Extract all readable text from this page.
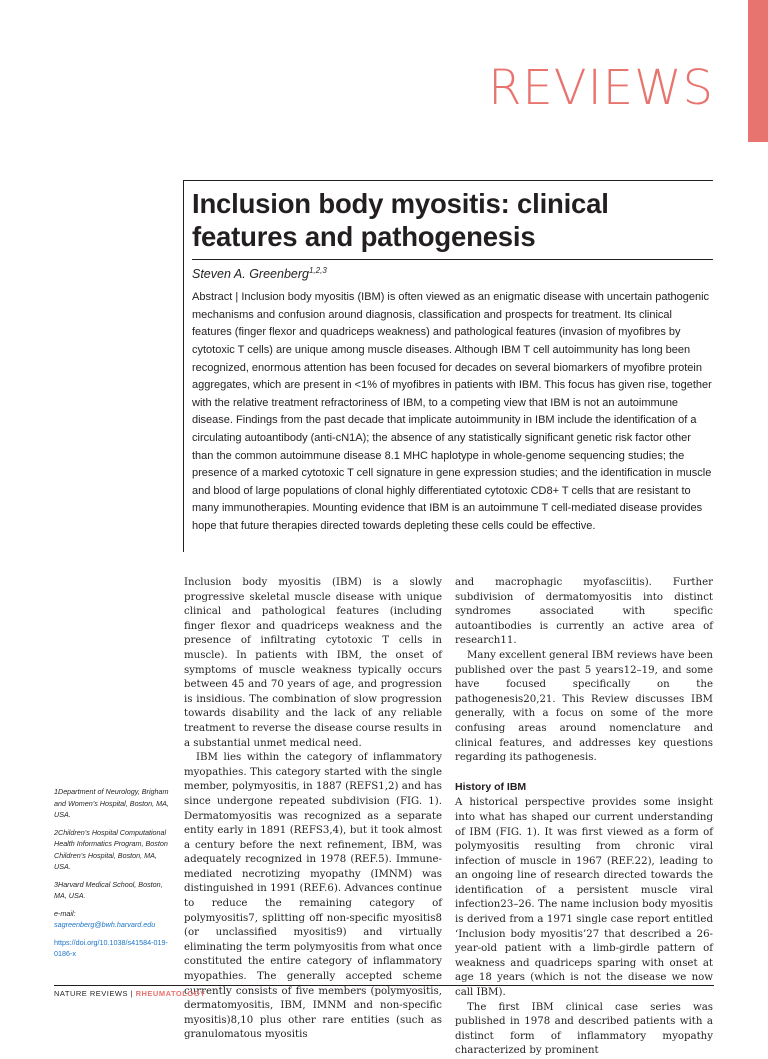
REVIEWS
Inclusion body myositis: clinical features and pathogenesis
Steven A. Greenberg$^{1,2,3}$

Abstract | Inclusion body myositis (IBM) is often viewed as an enigmatic disease with uncertain pathogenic mechanisms and confusion around diagnosis, classification and prospects for treatment. Its clinical features (finger flexor and quadriceps weakness) and pathological features (invasion of myofibres by cytotoxic T cells) are unique among muscle diseases. Although IBM T cell autoimmunity has long been recognized, enormous attention has been focused for decades on several biomarkers of myofibre protein aggregates, which are present in <1% of myofibres in patients with IBM. This focus has given rise, together with the relative treatment refractoriness of IBM, to a competing view that IBM is not an autoimmune disease. Findings from the past decade that implicate autoimmunity in IBM include the identification of a circulating autoantibody (anti-cN1A); the absence of any statistically significant genetic risk factor other than the common autoimmune disease 8.1 MHC haplotype in whole-genome sequencing studies; the presence of a marked cytotoxic T cell signature in gene expression studies; and the identification in muscle and blood of large populations of clonal highly differentiated cytotoxic CD8+ T cells that are resistant to many immunotherapies. Mounting evidence that IBM is an autoimmune T cell-mediated disease provides hope that future therapies directed towards depleting these cells could be effective.

Inclusion body myositis (IBM) is a slowly progressive skeletal muscle disease with unique clinical and pathological features (including finger flexor and quadriceps weakness and the presence of infiltrating cytotoxic T cells in muscle). In patients with IBM, the onset of symptoms of muscle weakness typically occurs between 45 and 70 years of age, and progression is insidious. The combination of slow progression towards disability and the lack of any reliable treatment to reverse the disease course results in a substantial unmet medical need.

IBM lies within the category of inflammatory myopathies. This category started with the single member, polymyositis, in 1887 (REFS1,2) and has since undergone repeated subdivision (FIG. 1). Dermatomyositis was recognized as a separate entity early in 1891 (REFS3,4), but it took almost a century before the next refinement, IBM, was adequately recognized in 1978 (REF.5). Immune-mediated necrotizing myopathy (IMNM) was distinguished in 1991 (REF.6). Advances continue to reduce the remaining category of polymyositis7, splitting off non-specific myositis8 (or unclassified myositis9) and virtually eliminating the term polymyositis from what once constituted the entire category of inflammatory myopathies. The generally accepted scheme currently consists of five members (polymyositis, dermatomyositis, IBM, IMNM and non-specific myositis)8,10 plus other rare entities (such as granulomatous myositis

and macrophagic myofasciitis). Further subdivision of dermatomyositis into distinct syndromes associated with specific autoantibodies is currently an active area of research11.

Many excellent general IBM reviews have been published over the past 5 years12–19, and some have focused specifically on the pathogenesis20,21. This Review discusses IBM generally, with a focus on some of the more confusing areas around nomenclature and clinical features, and addresses key questions regarding its pathogenesis.

History of IBM

A historical perspective provides some insight into what has shaped our current understanding of IBM (FIG. 1). It was first viewed as a form of polymyositis resulting from chronic viral infection of muscle in 1967 (REF.22), leading to an ongoing line of research directed towards the identification of a persistent muscle viral infection23–26. The name inclusion body myositis is derived from a 1971 single case report entitled ‘Inclusion body myositis’27 that described a 26-year-old patient with a limb-girdle pattern of weakness and quadriceps sparing with onset at age 18 years (which is not the disease we now call IBM).

The first IBM clinical case series was published in 1978 and described patients with a distinct form of inflammatory myopathy characterized by prominent

1Department of Neurology, Brigham and Women’s Hospital, Boston, MA, USA.

2Children’s Hospital Computational Health Informatics Program, Boston Children’s Hospital, Boston, MA, USA.

3Harvard Medical School, Boston, MA, USA.

e-mail: sagreenberg@bwh.harvard.edu

https://doi.org/10.1038/s41584-019-0186-x

NATURE REVIEWS | RHEUMATOLOGY
